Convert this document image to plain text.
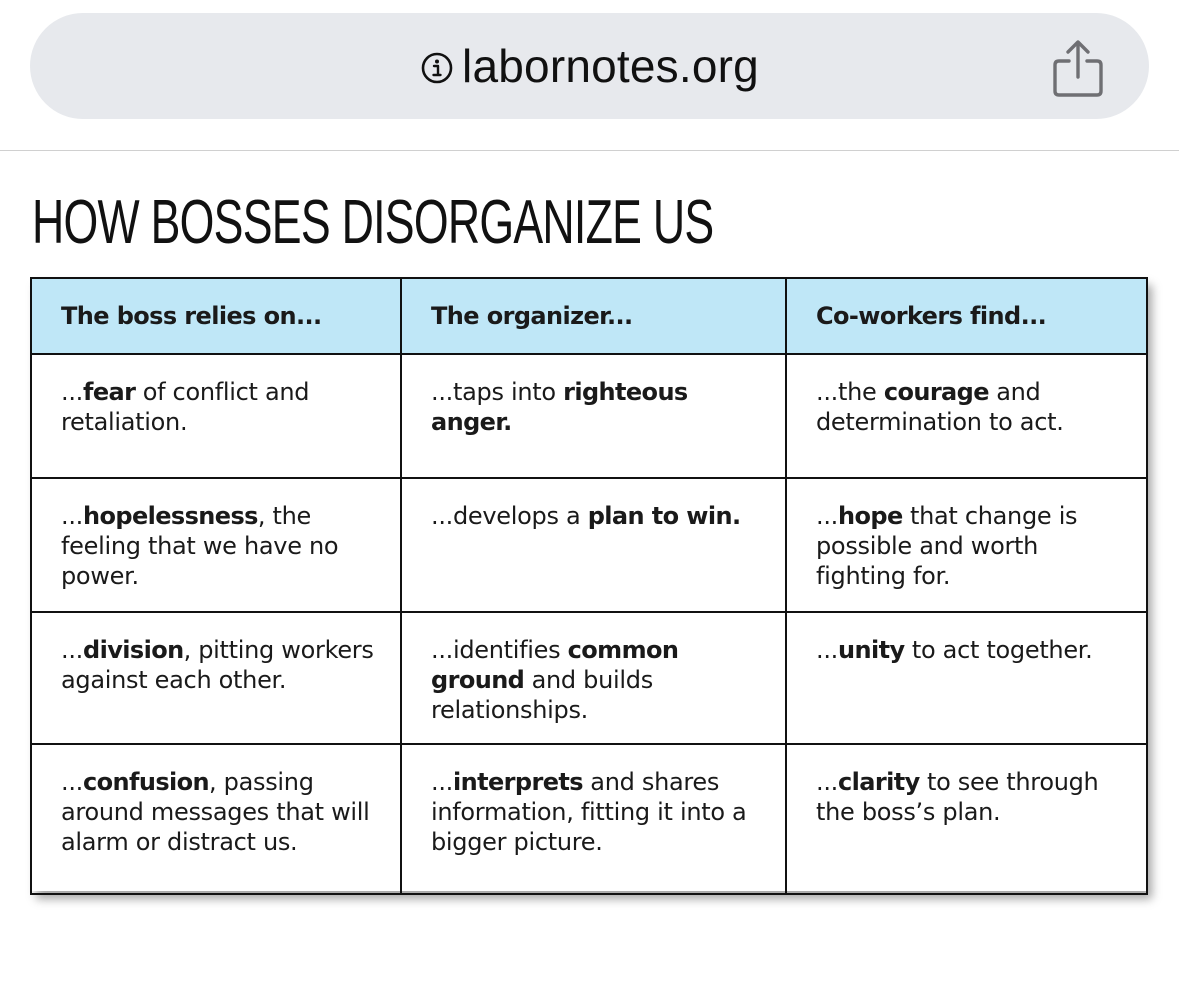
labornotes.org
HOW BOSSES DISORGANIZE US
The boss relies on...	The organizer...	Co-workers find...
...fear of conflict and retaliation.	...taps into righteous anger.	...the courage and determination to act.
...hopelessness, the feeling that we have no power.	...develops a plan to win.	...hope that change is possible and worth fighting for.
...division, pitting workers against each other.	...identifies common ground and builds relationships.	...unity to act together.
...confusion, passing around messages that will alarm or distract us.	...interprets and shares information, fitting it into a bigger picture.	...clarity to see through the boss’s plan.
